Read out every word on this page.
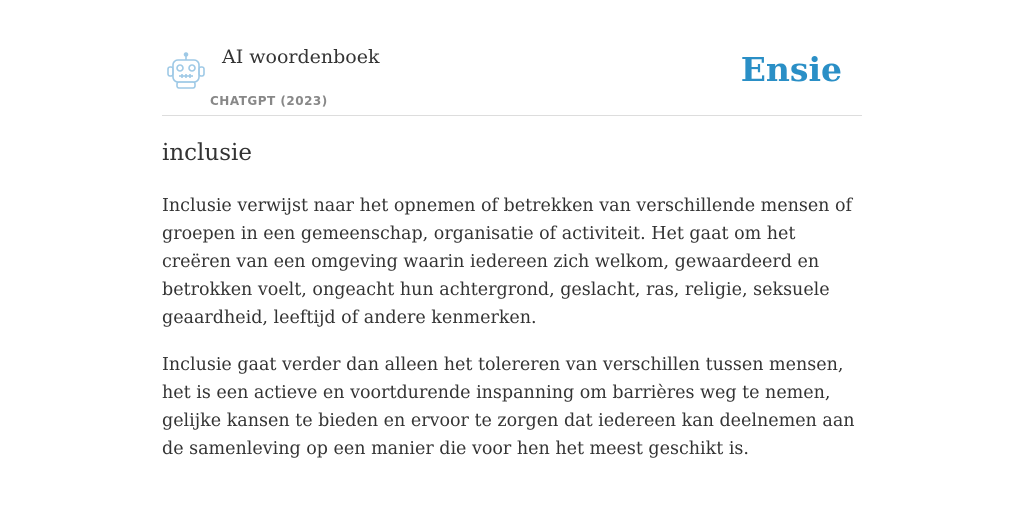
AI woordenboek
CHATGPT (2023)
Ensie
inclusie

Inclusie verwijst naar het opnemen of betrekken van verschillende mensen of groepen in een gemeenschap, organisatie of activiteit. Het gaat om het creëren van een omgeving waarin iedereen zich welkom, gewaardeerd en betrokken voelt, ongeacht hun achtergrond, geslacht, ras, religie, seksuele geaardheid, leeftijd of andere kenmerken.

Inclusie gaat verder dan alleen het tolereren van verschillen tussen mensen, het is een actieve en voortdurende inspanning om barrières weg te nemen, gelijke kansen te bieden en ervoor te zorgen dat iedereen kan deelnemen aan de samenleving op een manier die voor hen het meest geschikt is.
